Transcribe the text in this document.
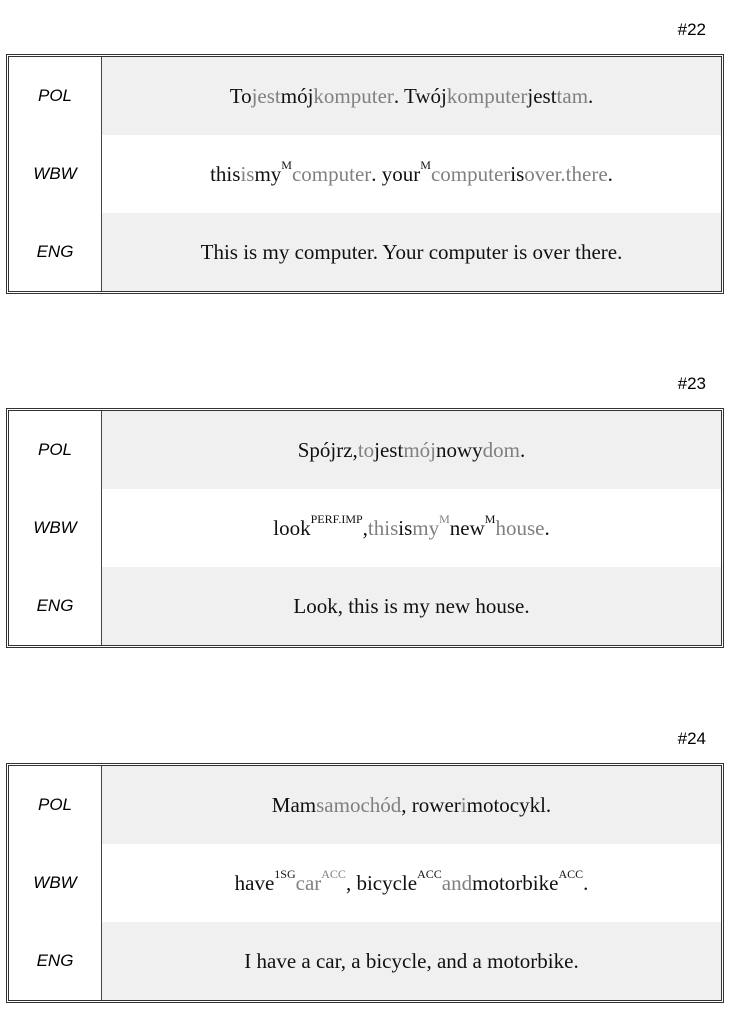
#22
POL	To jest mój komputer . Twój komputer jest tam .
WBW	this is $my^M$ computer . your$^M$ computer is over.there .
ENG	This is my computer. Your computer is over there.
#23
POL	Spójrz, to jest mój nowy dom .
WBW	look$^{PERF.IMP}$ , this is $my^M$ new$^M$ house .
ENG	Look, this is my new house.
#24
POL	Mam samochód , rower i motocykl.
WBW	have$^{1SG}$ car$^{ACC}$ , bicycle$^{ACC}$ and motorbike$^{ACC}$ .
ENG	I have a car, a bicycle, and a motorbike.
